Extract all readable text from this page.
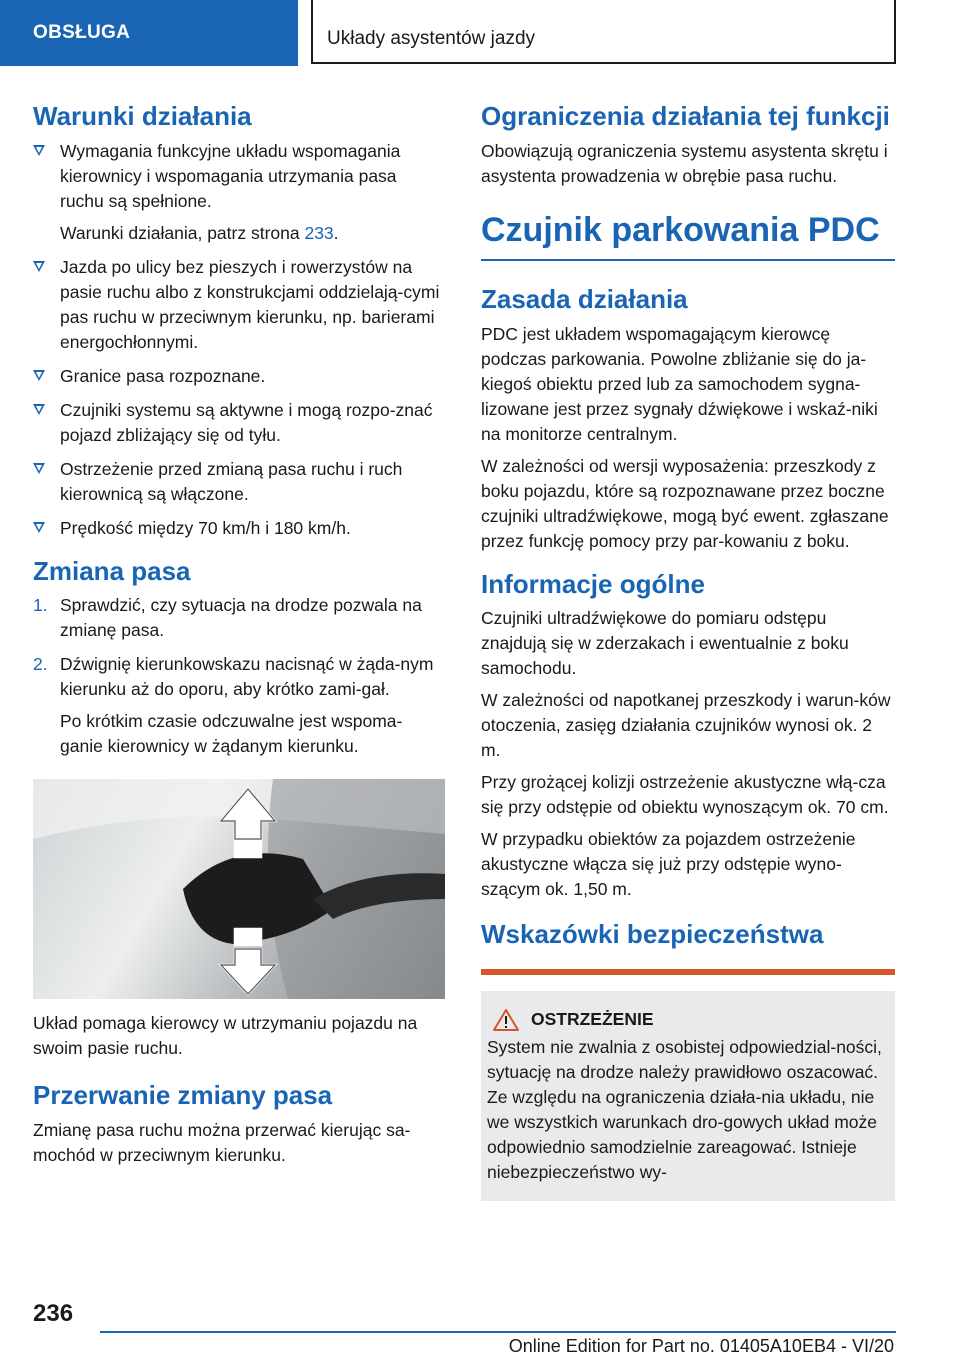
OBSŁUGA	Układy asystentów jazdy
Warunki działania
Wymagania funkcyjne układu wspomagania kierownicy i wspomagania utrzymania pasa ruchu są spełnione.
Warunki działania, patrz strona 233.
Jazda po ulicy bez pieszych i rowerzystów na pasie ruchu albo z konstrukcjami oddzielają‐cymi pas ruchu w przeciwnym kierunku, np. barierami energochłonnymi.
Granice pasa rozpoznane.
Czujniki systemu są aktywne i mogą rozpo‐znać pojazd zbliżający się od tyłu.
Ostrzeżenie przed zmianą pasa ruchu i ruch kierownicą są włączone.
Prędkość między 70 km/h i 180 km/h.
Zmiana pasa
1. Sprawdzić, czy sytuacja na drodze pozwala na zmianę pasa.
2. Dźwignię kierunkowskazu nacisnąć w żąda‐nym kierunku aż do oporu, aby krótko zami‐gał.
Po krótkim czasie odczuwalne jest wspoma‐ganie kierownicy w żądanym kierunku.

Układ pomaga kierowcy w utrzymaniu pojazdu na swoim pasie ruchu.

Przerwanie zmiany pasa

Zmianę pasa ruchu można przerwać kierując sa‐mochód w przeciwnym kierunku.

Ograniczenia działania tej funkcji

Obowiązują ograniczenia systemu asystenta skrętu i asystenta prowadzenia w obrębie pasa ruchu.

Czujnik parkowania PDC
Zasada działania

PDC jest układem wspomagającym kierowcę podczas parkowania. Powolne zbliżanie się do ja‐kiegoś obiektu przed lub za samochodem sygna‐lizowane jest przez sygnały dźwiękowe i wskaź‐niki na monitorze centralnym.

W zależności od wersji wyposażenia: przeszkody z boku pojazdu, które są rozpoznawane przez boczne czujniki ultradźwiękowe, mogą być ewent. zgłaszane przez funkcję pomocy przy par‐kowaniu z boku.

Informacje ogólne

Czujniki ultradźwiękowe do pomiaru odstępu znajdują się w zderzakach i ewentualnie z boku samochodu.

W zależności od napotkanej przeszkody i warun‐ków otoczenia, zasięg działania czujników wynosi ok. 2 m.

Przy grożącej kolizji ostrzeżenie akustyczne włą‐cza się przy odstępie od obiektu wynoszącym ok. 70 cm.

W przypadku obiektów za pojazdem ostrzeżenie akustyczne włącza się już przy odstępie wyno‐szącym ok. 1,50 m.

Wskazówki bezpieczeństwa
OSTRZEŻENIE

System nie zwalnia z osobistej odpowiedzial‐ności, sytuację na drodze należy prawidłowo oszacować. Ze względu na ograniczenia działa‐nia układu, nie we wszystkich warunkach dro‐gowych układ może odpowiednio samodzielnie zareagować. Istnieje niebezpieczeństwo wy‐

236
Online Edition for Part no. 01405A10EB4 - VI/20
